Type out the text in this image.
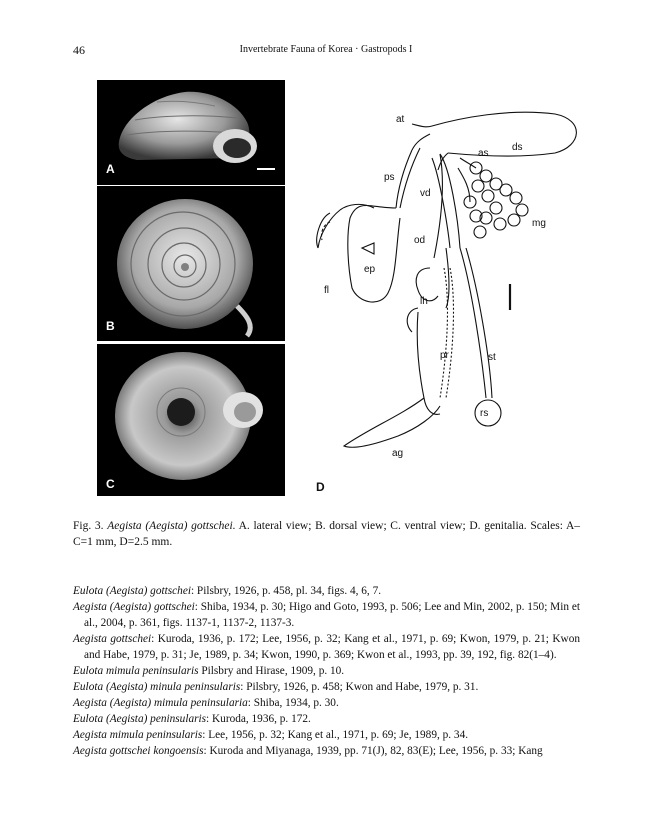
46	Invertebrate Fauna of Korea · Gastropods I
A
B
C
at
ds
as
ps
vd
mg
od
ep
fl
lh
pr	st
rs
ag
D
Fig. 3. Aegista (Aegista) gottschei. A. lateral view; B. dorsal view; C. ventral view; D. genitalia. Scales: A–C=1 mm, D=2.5 mm.

Eulota (Aegista) gottschei: Pilsbry, 1926, p. 458, pl. 34, figs. 4, 6, 7.

Aegista (Aegista) gottschei: Shiba, 1934, p. 30; Higo and Goto, 1993, p. 506; Lee and Min, 2002, p. 150; Min et al., 2004, p. 361, figs. 1137-1, 1137-2, 1137-3.

Aegista gottschei: Kuroda, 1936, p. 172; Lee, 1956, p. 32; Kang et al., 1971, p. 69; Kwon, 1979, p. 21; Kwon and Habe, 1979, p. 31; Je, 1989, p. 34; Kwon, 1990, p. 369; Kwon et al., 1993, pp. 39, 192, fig. 82(1–4).

Eulota mimula peninsularis Pilsbry and Hirase, 1909, p. 10.

Eulota (Aegista) minula peninsularis: Pilsbry, 1926, p. 458; Kwon and Habe, 1979, p. 31.

Aegista (Aegista) mimula peninsularia: Shiba, 1934, p. 30.

Eulota (Aegista) peninsularis: Kuroda, 1936, p. 172.

Aegista mimula peninsularis: Lee, 1956, p. 32; Kang et al., 1971, p. 69; Je, 1989, p. 34.

Aegista gottschei kongoensis: Kuroda and Miyanaga, 1939, pp. 71(J), 82, 83(E); Lee, 1956, p. 33; Kang
